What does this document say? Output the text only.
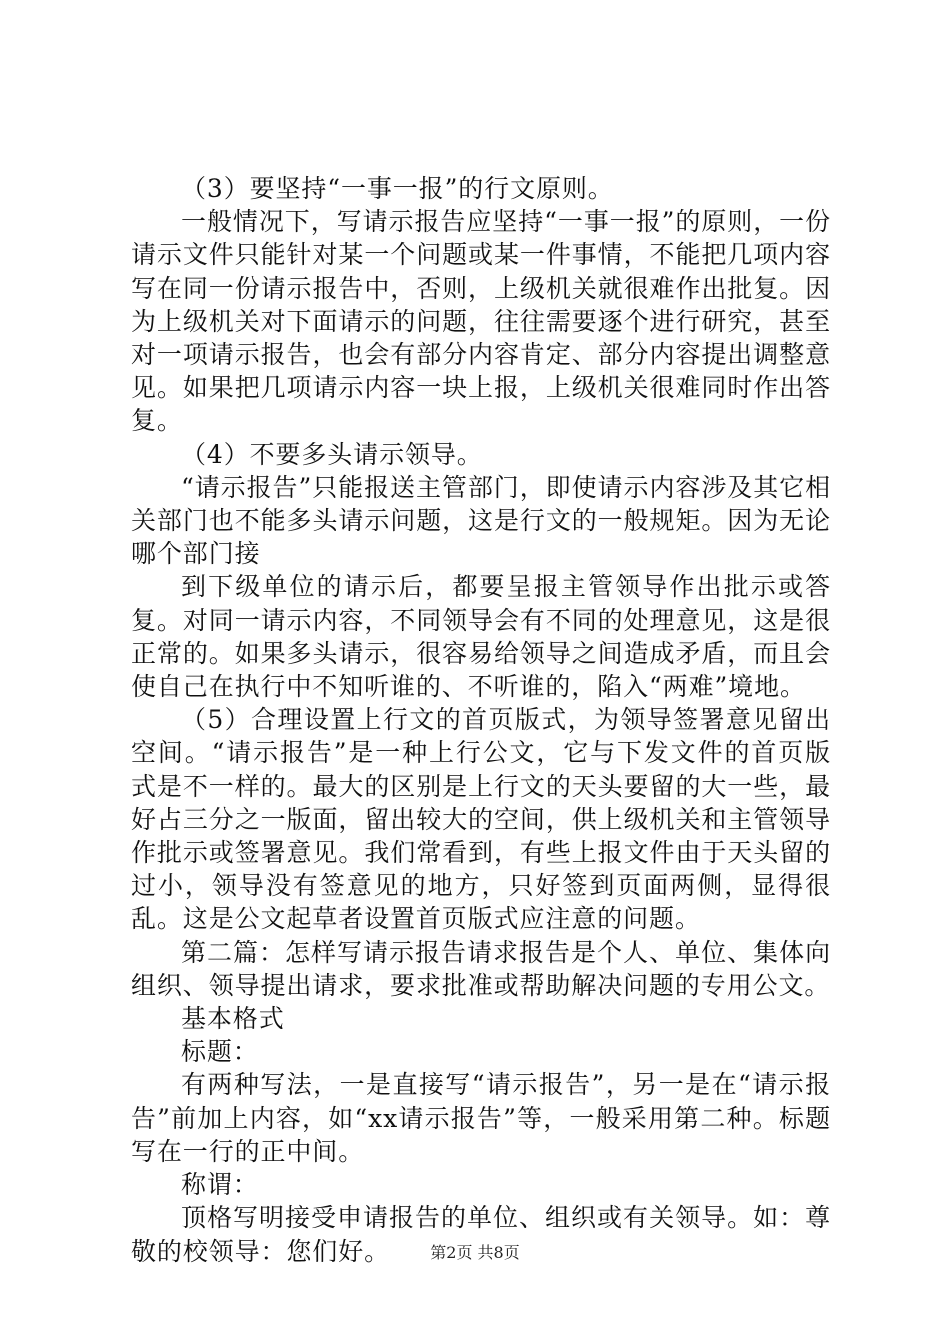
（3）要坚持“一事一报”的行文原则。

一般情况下，写请示报告应坚持“一事一报”的原则，一份请示文件只能针对某一个问题或某一件事情，不能把几项内容写在同一份请示报告中，否则，上级机关就很难作出批复。因为上级机关对下面请示的问题，往往需要逐个进行研究，甚至对一项请示报告，也会有部分内容肯定、部分内容提出调整意见。如果把几项请示内容一块上报，上级机关很难同时作出答复。

（4）不要多头请示领导。

“请示报告”只能报送主管部门，即使请示内容涉及其它相关部门也不能多头请示问题，这是行文的一般规矩。因为无论哪个部门接

到下级单位的请示后，都要呈报主管领导作出批示或答复。对同一请示内容，不同领导会有不同的处理意见，这是很正常的。如果多头请示，很容易给领导之间造成矛盾，而且会使自己在执行中不知听谁的、不听谁的，陷入“两难”境地。

（5）合理设置上行文的首页版式，为领导签署意见留出空间。“请示报告”是一种上行公文，它与下发文件的首页版式是不一样的。最大的区别是上行文的天头要留的大一些，最好占三分之一版面，留出较大的空间，供上级机关和主管领导作批示或签署意见。我们常看到，有些上报文件由于天头留的过小，领导没有签意见的地方，只好签到页面两侧，显得很乱。这是公文起草者设置首页版式应注意的问题。

第二篇：怎样写请示报告请求报告是个人、单位、集体向组织、领导提出请求，要求批准或帮助解决问题的专用公文。

基本格式

标题：

有两种写法，一是直接写“请示报告”，另一是在“请示报告”前加上内容，如“xx请示报告”等，一般采用第二种。标题写在一行的正中间。

称谓：

顶格写明接受申请报告的单位、组织或有关领导。如：尊敬的校领导：您们好。	第2页 共8页
